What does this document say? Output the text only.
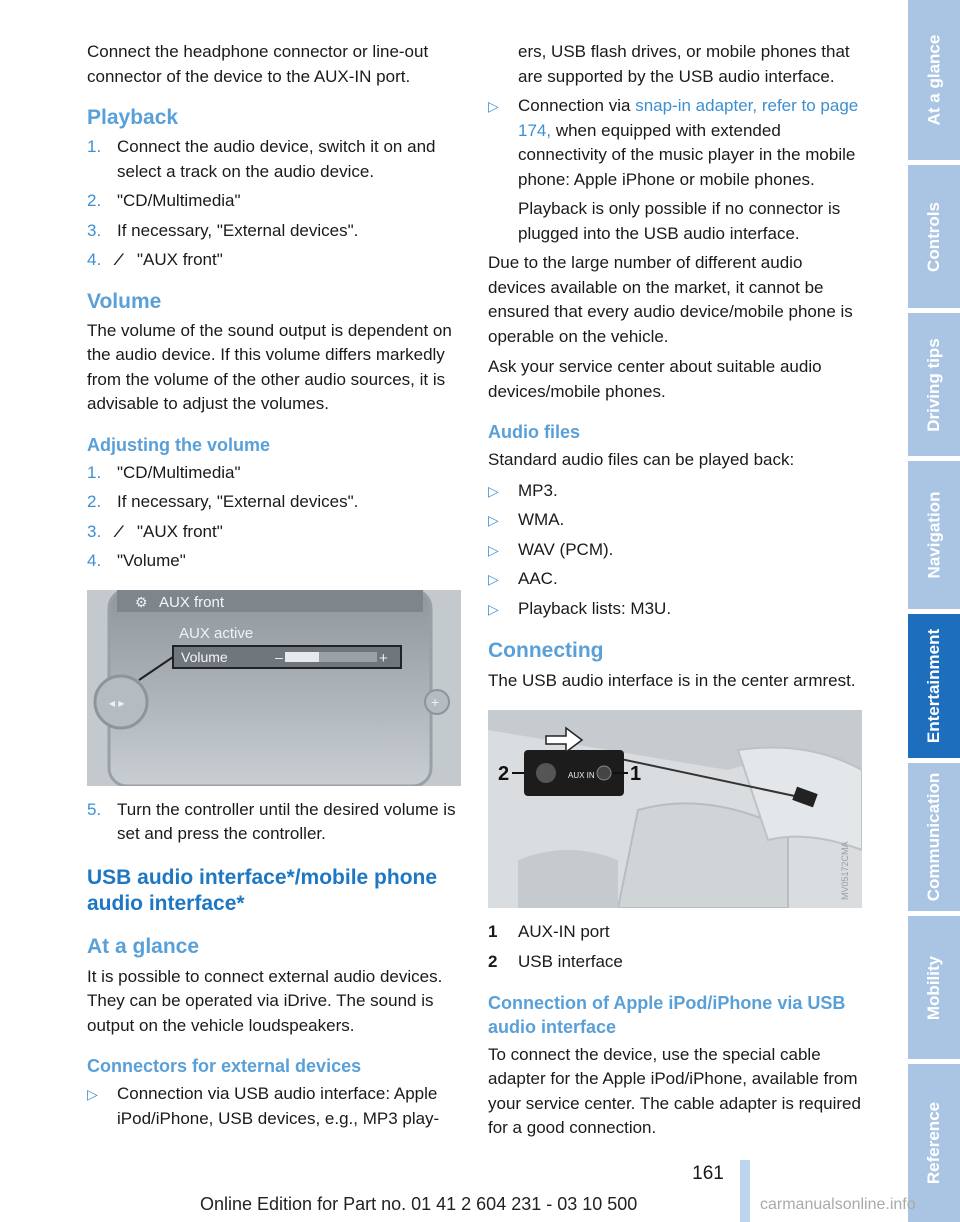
Connect the headphone connector or line-out connector of the device to the AUX-IN port.

Playback
1. Connect the audio device, switch it on and select a track on the audio device.
2. "CD/Multimedia"
3. If necessary, "External devices".
4. ⁄	"AUX front"
Volume

The volume of the sound output is dependent on the audio device. If this volume differs markedly from the volume of the other audio sources, it is advisable to adjust the volumes.

Adjusting the volume
1. "CD/Multimedia"
2. If necessary, "External devices".
3. ⁄	"AUX front"
4. "Volume"
⚙ AUX front
AUX active
Volume	–	+
◂ ▸	+
5. Turn the controller until the desired volume is set and press the controller.
USB audio interface*/mobile phone audio interface*
At a glance

It is possible to connect external audio devices. They can be operated via iDrive. The sound is output on the vehicle loudspeakers.

Connectors for external devices
▷	Connection via USB audio interface: Apple iPod/iPhone, USB devices, e.g., MP3 play-
ers, USB flash drives, or mobile phones that are supported by the USB audio interface.
▷	Connection via snap-in adapter, refer to page 174, when equipped with extended connectivity of the music player in the mobile phone: Apple iPhone or mobile phones.
Playback is only possible if no connector is plugged into the USB audio interface.

Due to the large number of different audio devices available on the market, it cannot be ensured that every audio device/mobile phone is operable on the vehicle.

Ask your service center about suitable audio devices/mobile phones.

Audio files

Standard audio files can be played back:

▷	MP3.
▷	WMA.
▷	WAV (PCM).
▷	AAC.
▷	Playback lists: M3U.
Connecting

The USB audio interface is in the center armrest.

AUX IN
2	1
MV05172CMA
1	AUX-IN port
2	USB interface
Connection of Apple iPod/iPhone via USB audio interface

To connect the device, use the special cable adapter for the Apple iPod/iPhone, available from your service center. The cable adapter is required for a good connection.

At a glance
Controls
Driving tips
Navigation
Entertainment
Communication
Mobility
Reference
161
Online Edition for Part no. 01 41 2 604 231 - 03 10 500	carmanualsonline.info
